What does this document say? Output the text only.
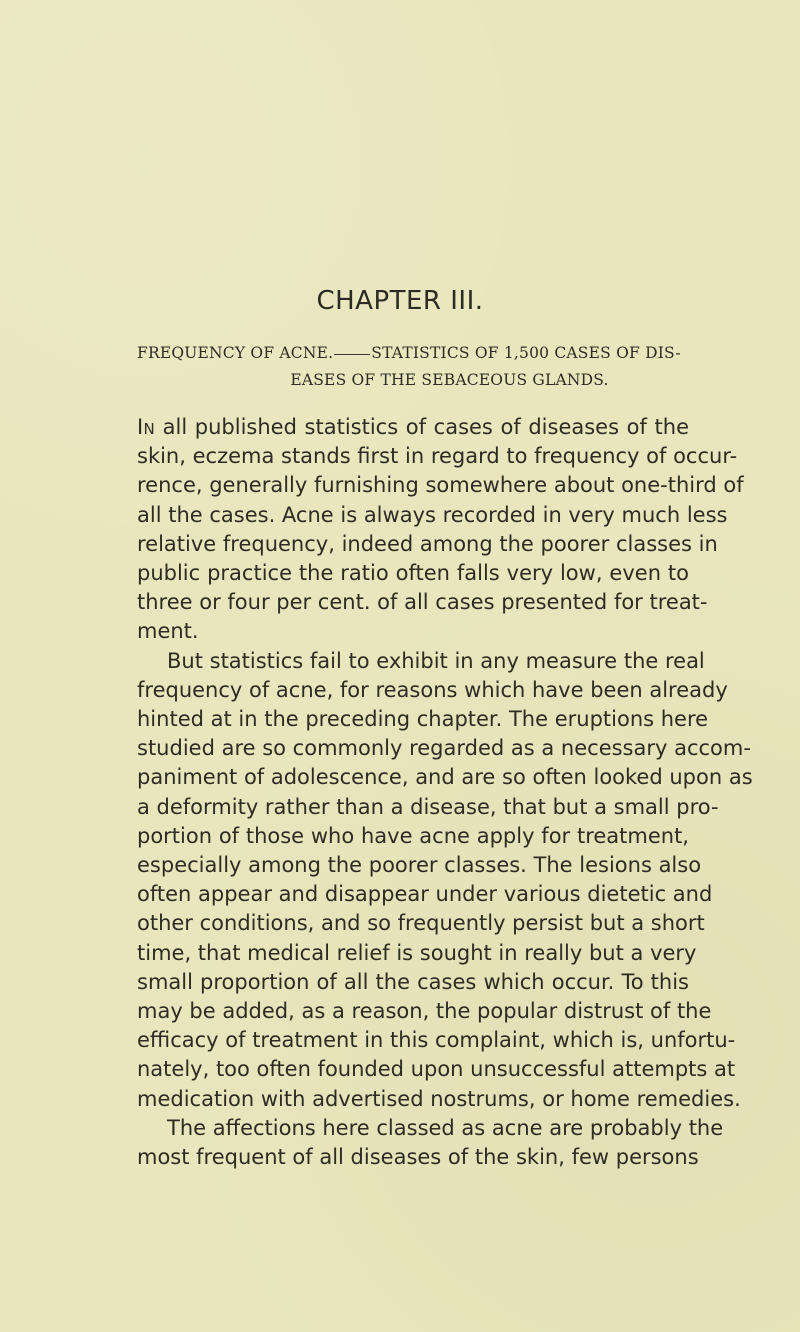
CHAPTER III.
FREQUENCY OF ACNE. STATISTICS OF 1,500 CASES OF DIS-
EASES OF THE SEBACEOUS GLANDS.
In all published statistics of cases of diseases of the
skin, eczema stands first in regard to frequency of occur-
rence, generally furnishing somewhere about one-third of
all the cases. Acne is always recorded in very much less
relative frequency, indeed among the poorer classes in
public practice the ratio often falls very low, even to
three or four per cent. of all cases presented for treat-
ment.
But statistics fail to exhibit in any measure the real
frequency of acne, for reasons which have been already
hinted at in the preceding chapter. The eruptions here
studied are so commonly regarded as a necessary accom-
paniment of adolescence, and are so often looked upon as
a deformity rather than a disease, that but a small pro-
portion of those who have acne apply for treatment,
especially among the poorer classes. The lesions also
often appear and disappear under various dietetic and
other conditions, and so frequently persist but a short
time, that medical relief is sought in really but a very
small proportion of all the cases which occur. To this
may be added, as a reason, the popular distrust of the
efficacy of treatment in this complaint, which is, unfortu-
nately, too often founded upon unsuccessful attempts at
medication with advertised nostrums, or home remedies.
The affections here classed as acne are probably the
most frequent of all diseases of the skin, few persons
